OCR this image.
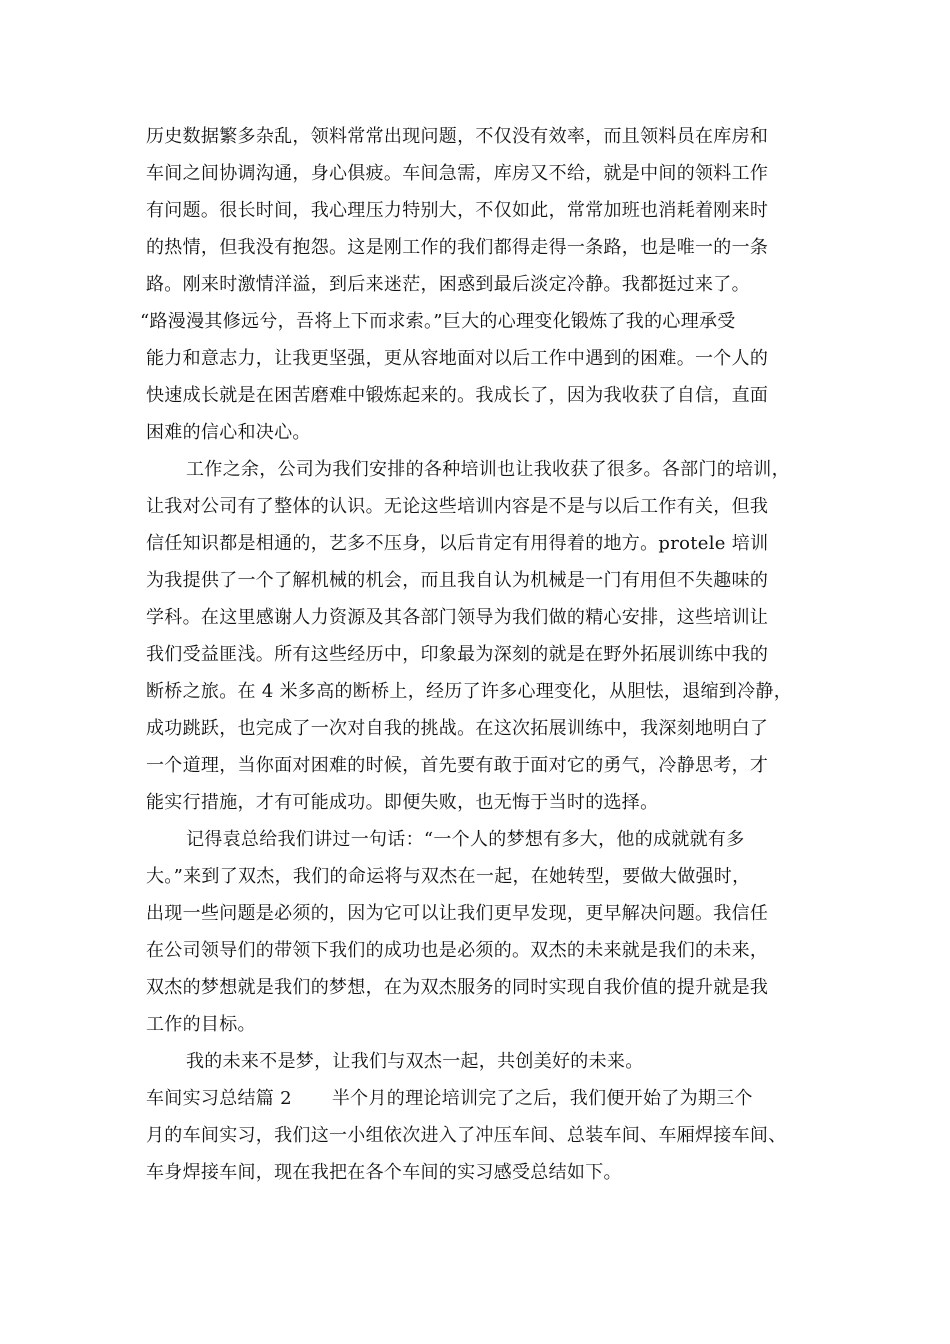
历史数据繁多杂乱，领料常常出现问题，不仅没有效率，而且领料员在库房和
车间之间协调沟通，身心俱疲。车间急需，库房又不给，就是中间的领料工作
有问题。很长时间，我心理压力特别大，不仅如此，常常加班也消耗着刚来时
的热情，但我没有抱怨。这是刚工作的我们都得走得一条路，也是唯一的一条
路。刚来时激情洋溢，到后来迷茫，困惑到最后淡定冷静。我都挺过来了。
“路漫漫其修远兮，吾将上下而求索。”巨大的心理变化锻炼了我的心理承受
能力和意志力，让我更坚强，更从容地面对以后工作中遇到的困难。一个人的
快速成长就是在困苦磨难中锻炼起来的。我成长了，因为我收获了自信，直面
困难的信心和决心。
工作之余，公司为我们安排的各种培训也让我收获了很多。各部门的培训，
让我对公司有了整体的认识。无论这些培训内容是不是与以后工作有关，但我
信任知识都是相通的，艺多不压身，以后肯定有用得着的地方。protele 培训
为我提供了一个了解机械的机会，而且我自认为机械是一门有用但不失趣味的
学科。在这里感谢人力资源及其各部门领导为我们做的精心安排，这些培训让
我们受益匪浅。所有这些经历中，印象最为深刻的就是在野外拓展训练中我的
断桥之旅。在 4 米多高的断桥上，经历了许多心理变化，从胆怯，退缩到冷静，
成功跳跃，也完成了一次对自我的挑战。在这次拓展训练中，我深刻地明白了
一个道理，当你面对困难的时候，首先要有敢于面对它的勇气，冷静思考，才
能实行措施，才有可能成功。即便失败，也无悔于当时的选择。
记得袁总给我们讲过一句话：“一个人的梦想有多大，他的成就就有多
大。”来到了双杰，我们的命运将与双杰在一起，在她转型，要做大做强时，
出现一些问题是必须的，因为它可以让我们更早发现，更早解决问题。我信任
在公司领导们的带领下我们的成功也是必须的。双杰的未来就是我们的未来，
双杰的梦想就是我们的梦想，在为双杰服务的同时实现自我价值的提升就是我
工作的目标。
我的未来不是梦，让我们与双杰一起，共创美好的未来。
车间实习总结篇 2 半个月的理论培训完了之后，我们便开始了为期三个
月的车间实习，我们这一小组依次进入了冲压车间、总装车间、车厢焊接车间、
车身焊接车间，现在我把在各个车间的实习感受总结如下。
